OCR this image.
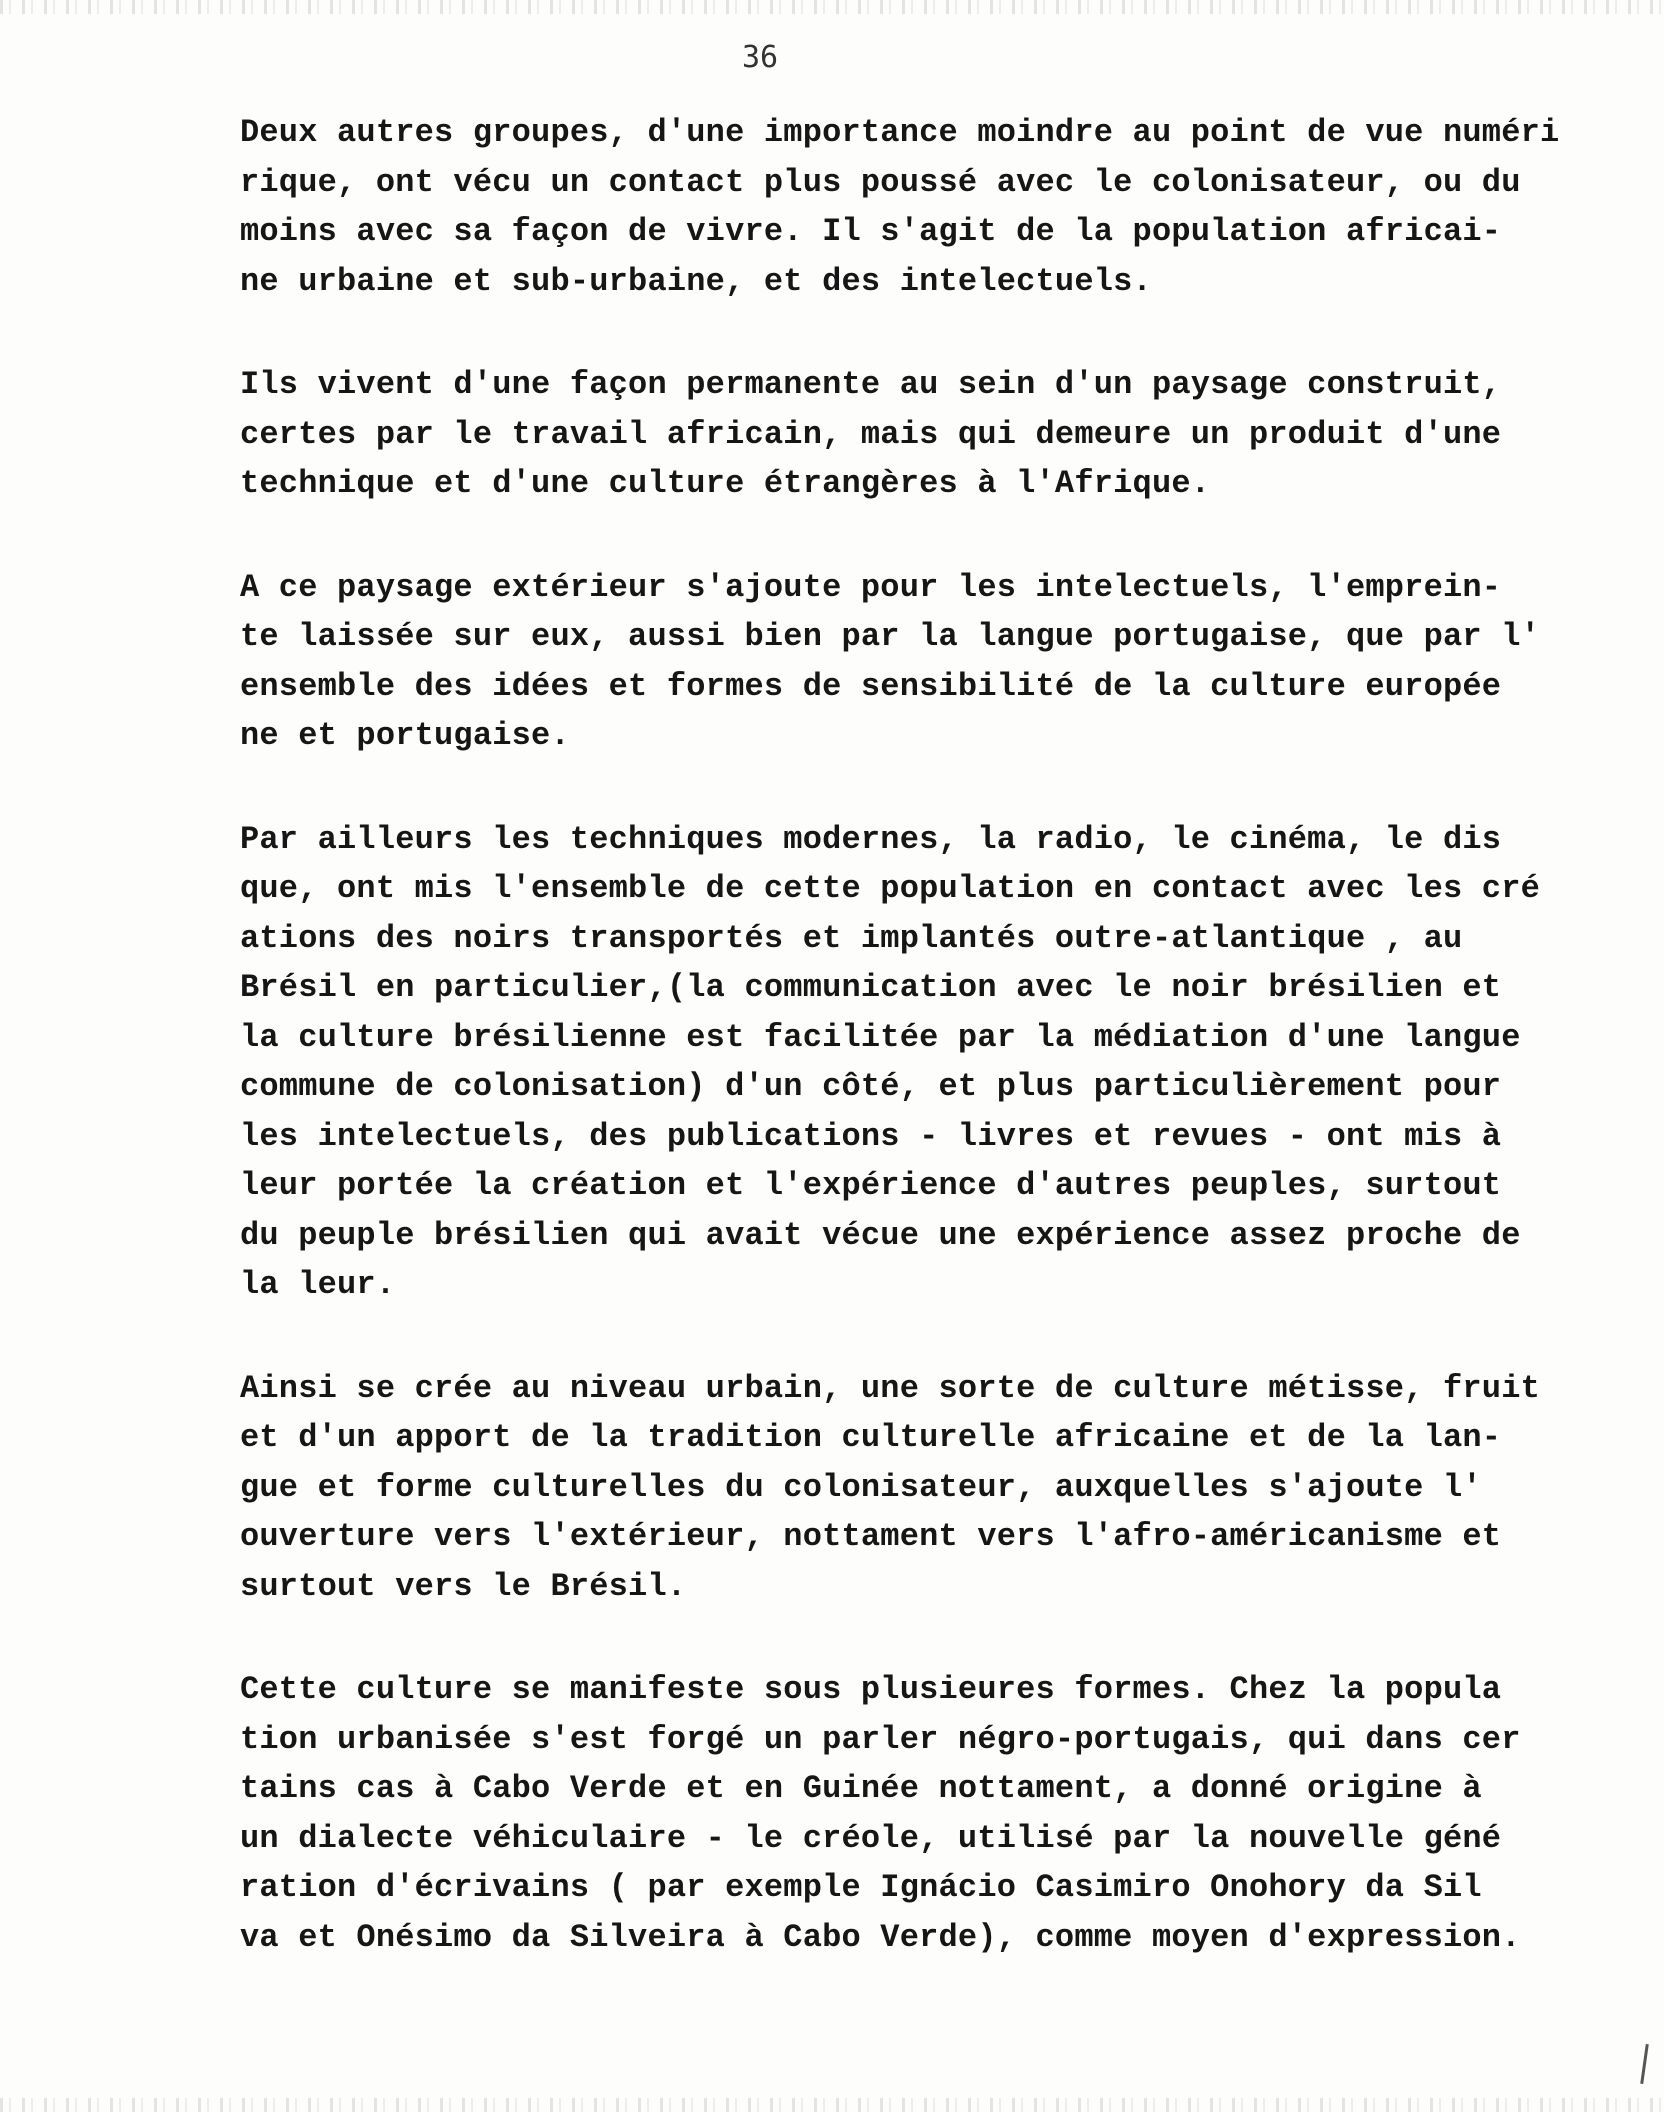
36
Deux autres groupes, d'une importance moindre au point de vue numéri
rique, ont vécu un contact plus poussé avec le colonisateur, ou du
moins avec sa façon de vivre. Il s'agit de la population africai-
ne urbaine et sub-urbaine, et des intelectuels.
Ils vivent d'une façon permanente au sein d'un paysage construit,
certes par le travail africain, mais qui demeure un produit d'une
technique et d'une culture étrangères à l'Afrique.
A ce paysage extérieur s'ajoute pour les intelectuels, l'emprein-
te laissée sur eux, aussi bien par la langue portugaise, que par l'
ensemble des idées et formes de sensibilité de la culture europée
ne et portugaise.
Par ailleurs les techniques modernes, la radio, le cinéma, le dis
que, ont mis l'ensemble de cette population en contact avec les cré
ations des noirs transportés et implantés outre-atlantique , au
Brésil en particulier,(la communication avec le noir brésilien et
la culture brésilienne est facilitée par la médiation d'une langue
commune de colonisation) d'un côté, et plus particulièrement pour
les intelectuels, des publications - livres et revues - ont mis à
leur portée la création et l'expérience d'autres peuples, surtout
du peuple brésilien qui avait vécue une expérience assez proche de
la leur.
Ainsi se crée au niveau urbain, une sorte de culture métisse, fruit
et d'un apport de la tradition culturelle africaine et de la lan-
gue et forme culturelles du colonisateur, auxquelles s'ajoute l'
ouverture vers l'extérieur, nottament vers l'afro-américanisme et
surtout vers le Brésil.
Cette culture se manifeste sous plusieures formes. Chez la popula
tion urbanisée s'est forgé un parler négro-portugais, qui dans cer
tains cas à Cabo Verde et en Guinée nottament, a donné origine à
un dialecte véhiculaire - le créole, utilisé par la nouvelle géné
ration d'écrivains ( par exemple Ignácio Casimiro Onohory da Sil
va et Onésimo da Silveira à Cabo Verde), comme moyen d'expression.
